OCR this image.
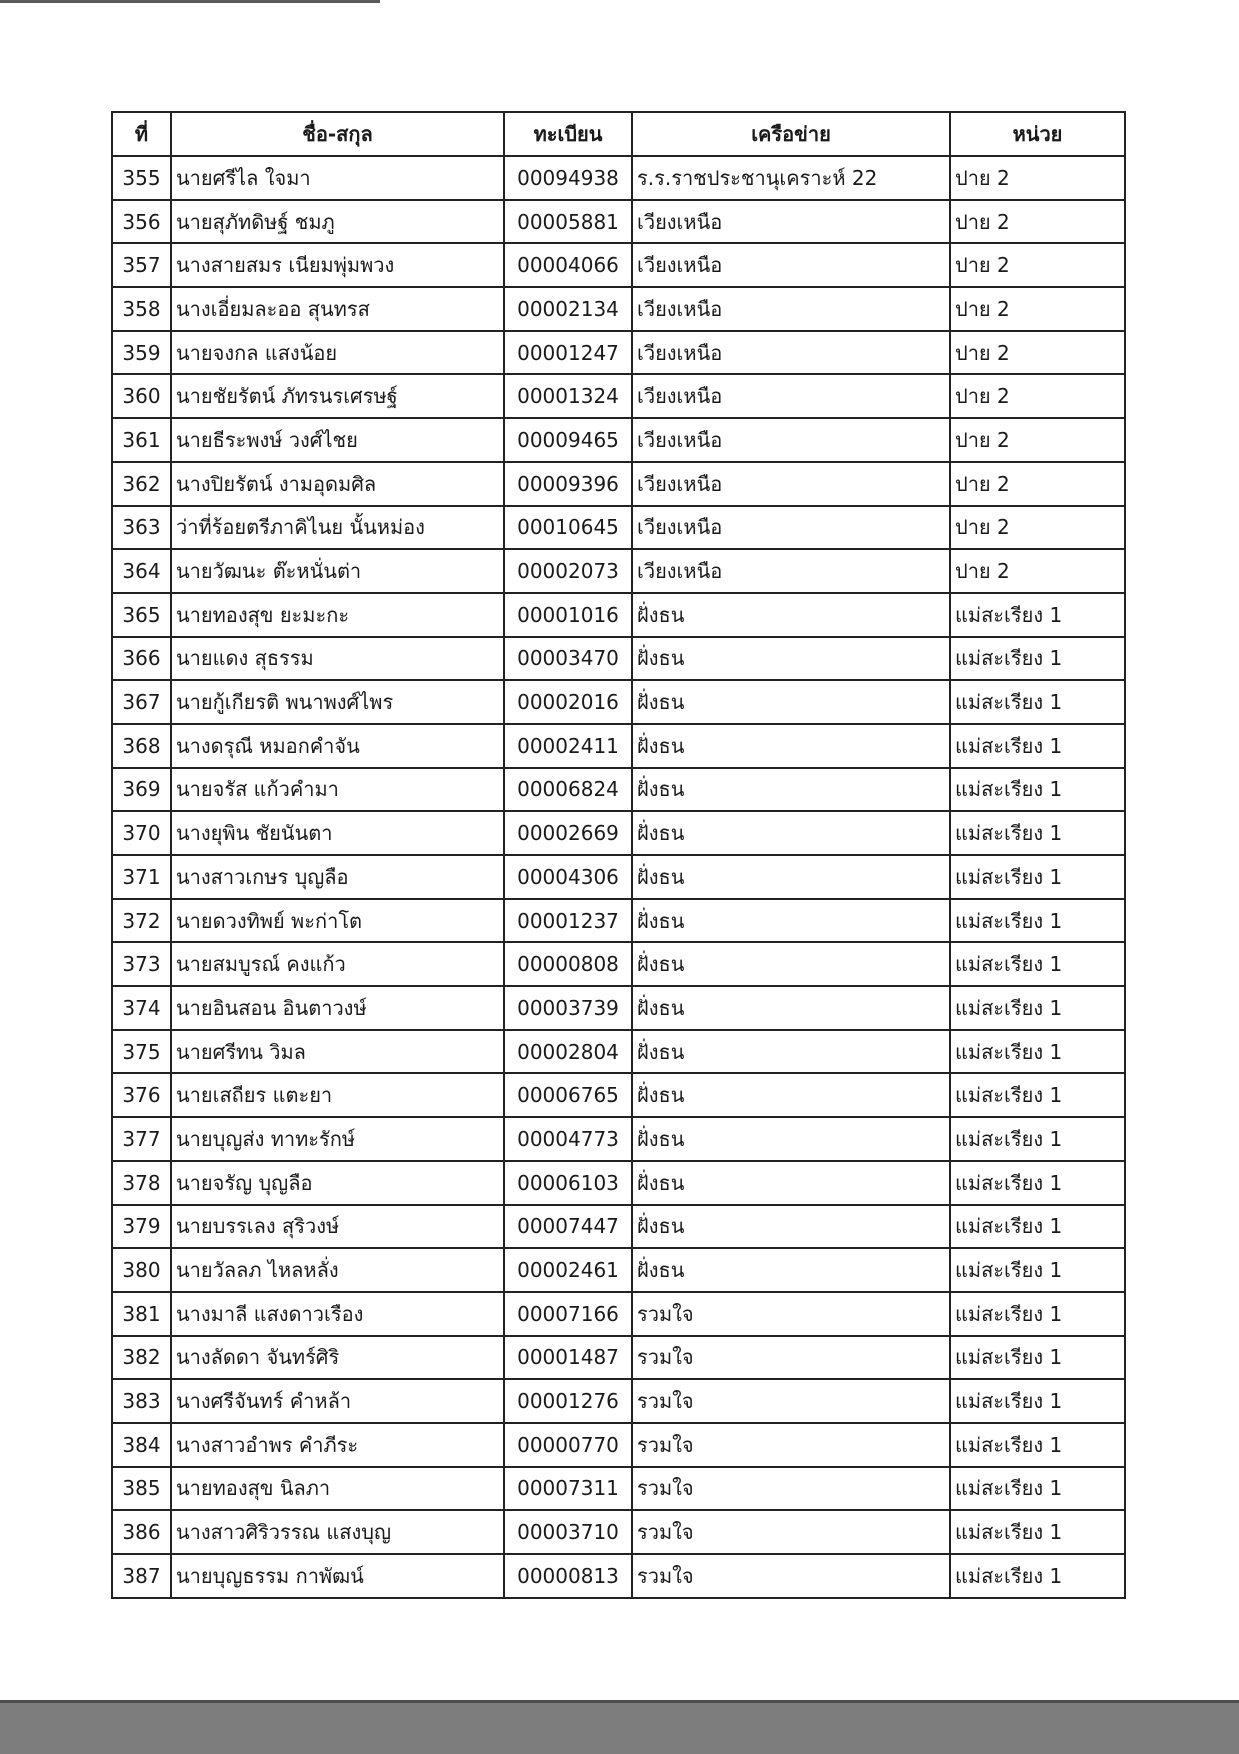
ที่	ชื่อ-สกุล	ทะเบียน	เครือข่าย	หน่วย
355	นายศรีไล ใจมา	00094938	ร.ร.ราชประชานุเคราะห์ 22	ปาย 2
356	นายสุภัทดิษฐ์ ชมภู	00005881	เวียงเหนือ	ปาย 2
357	นางสายสมร เนียมพุ่มพวง	00004066	เวียงเหนือ	ปาย 2
358	นางเอี่ยมละออ สุนทรส	00002134	เวียงเหนือ	ปาย 2
359	นายจงกล แสงน้อย	00001247	เวียงเหนือ	ปาย 2
360	นายชัยรัตน์ ภัทรนรเศรษฐ์	00001324	เวียงเหนือ	ปาย 2
361	นายธีระพงษ์ วงศ์ไชย	00009465	เวียงเหนือ	ปาย 2
362	นางปิยรัตน์ งามอุดมศิล	00009396	เวียงเหนือ	ปาย 2
363	ว่าที่ร้อยตรีภาคิไนย นั้นหม่อง	00010645	เวียงเหนือ	ปาย 2
364	นายวัฒนะ ต๊ะหนั่นต่า	00002073	เวียงเหนือ	ปาย 2
365	นายทองสุข ยะมะกะ	00001016	ฝั่งธน	แม่สะเรียง 1
366	นายแดง สุธรรม	00003470	ฝั่งธน	แม่สะเรียง 1
367	นายกู้เกียรติ พนาพงศ์ไพร	00002016	ฝั่งธน	แม่สะเรียง 1
368	นางดรุณี หมอกคำจัน	00002411	ฝั่งธน	แม่สะเรียง 1
369	นายจรัส แก้วคำมา	00006824	ฝั่งธน	แม่สะเรียง 1
370	นางยุพิน ชัยนันตา	00002669	ฝั่งธน	แม่สะเรียง 1
371	นางสาวเกษร บุญลือ	00004306	ฝั่งธน	แม่สะเรียง 1
372	นายดวงทิพย์ พะก่าโต	00001237	ฝั่งธน	แม่สะเรียง 1
373	นายสมบูรณ์ คงแก้ว	00000808	ฝั่งธน	แม่สะเรียง 1
374	นายอินสอน อินตาวงษ์	00003739	ฝั่งธน	แม่สะเรียง 1
375	นายศรีทน วิมล	00002804	ฝั่งธน	แม่สะเรียง 1
376	นายเสถียร แตะยา	00006765	ฝั่งธน	แม่สะเรียง 1
377	นายบุญส่ง ทาทะรักษ์	00004773	ฝั่งธน	แม่สะเรียง 1
378	นายจรัญ บุญลือ	00006103	ฝั่งธน	แม่สะเรียง 1
379	นายบรรเลง สุริวงษ์	00007447	ฝั่งธน	แม่สะเรียง 1
380	นายวัลลภ ไหลหลั่ง	00002461	ฝั่งธน	แม่สะเรียง 1
381	นางมาลี แสงดาวเรือง	00007166	รวมใจ	แม่สะเรียง 1
382	นางลัดดา จันทร์ศิริ	00001487	รวมใจ	แม่สะเรียง 1
383	นางศรีจันทร์ คำหล้า	00001276	รวมใจ	แม่สะเรียง 1
384	นางสาวอำพร คำภีระ	00000770	รวมใจ	แม่สะเรียง 1
385	นายทองสุข นิลภา	00007311	รวมใจ	แม่สะเรียง 1
386	นางสาวศิริวรรณ แสงบุญ	00003710	รวมใจ	แม่สะเรียง 1
387	นายบุญธรรม กาพัฒน์	00000813	รวมใจ	แม่สะเรียง 1
